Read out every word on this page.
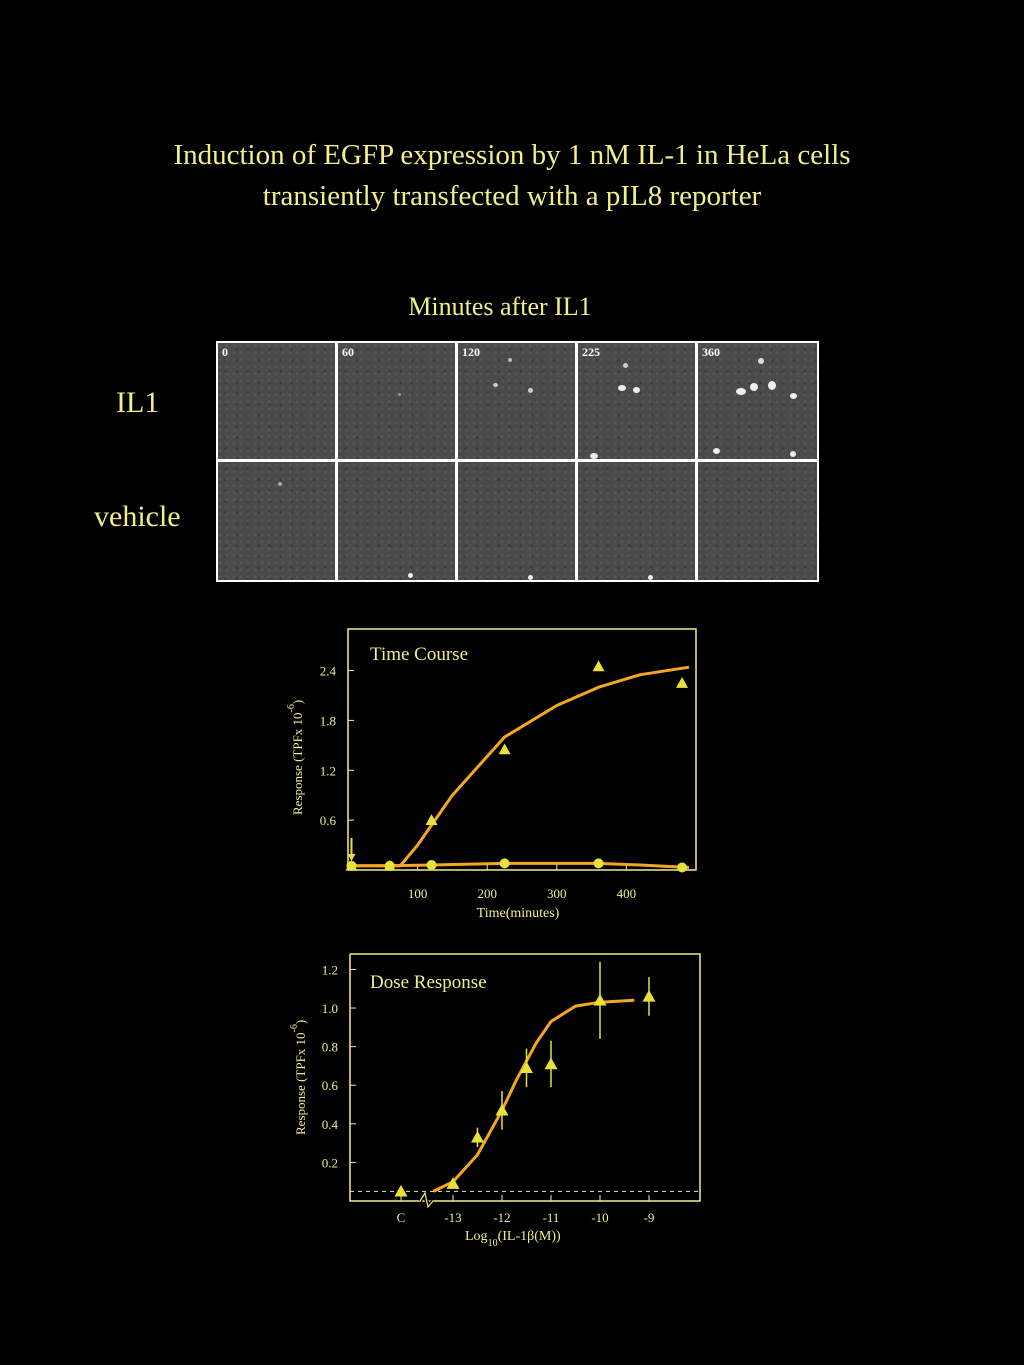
Induction of EGFP expression by 1 nM IL-1 in HeLa cells
transiently transfected with a pIL8 reporter
Minutes after IL1
IL1
vehicle
0	60	120	225	360
Time Course
Response (TPFx $10^{-6}$)
Time(minutes)
0.6
1.2
1.8
2.4
100	200	300	400
Dose Response
Response (TPFx $10^{-6}$)
Log$_{10}$(IL-1β(M))
0.2
0.4
0.6
0.8
1.0
1.2
C	-13 -12 -11 -10	-9
